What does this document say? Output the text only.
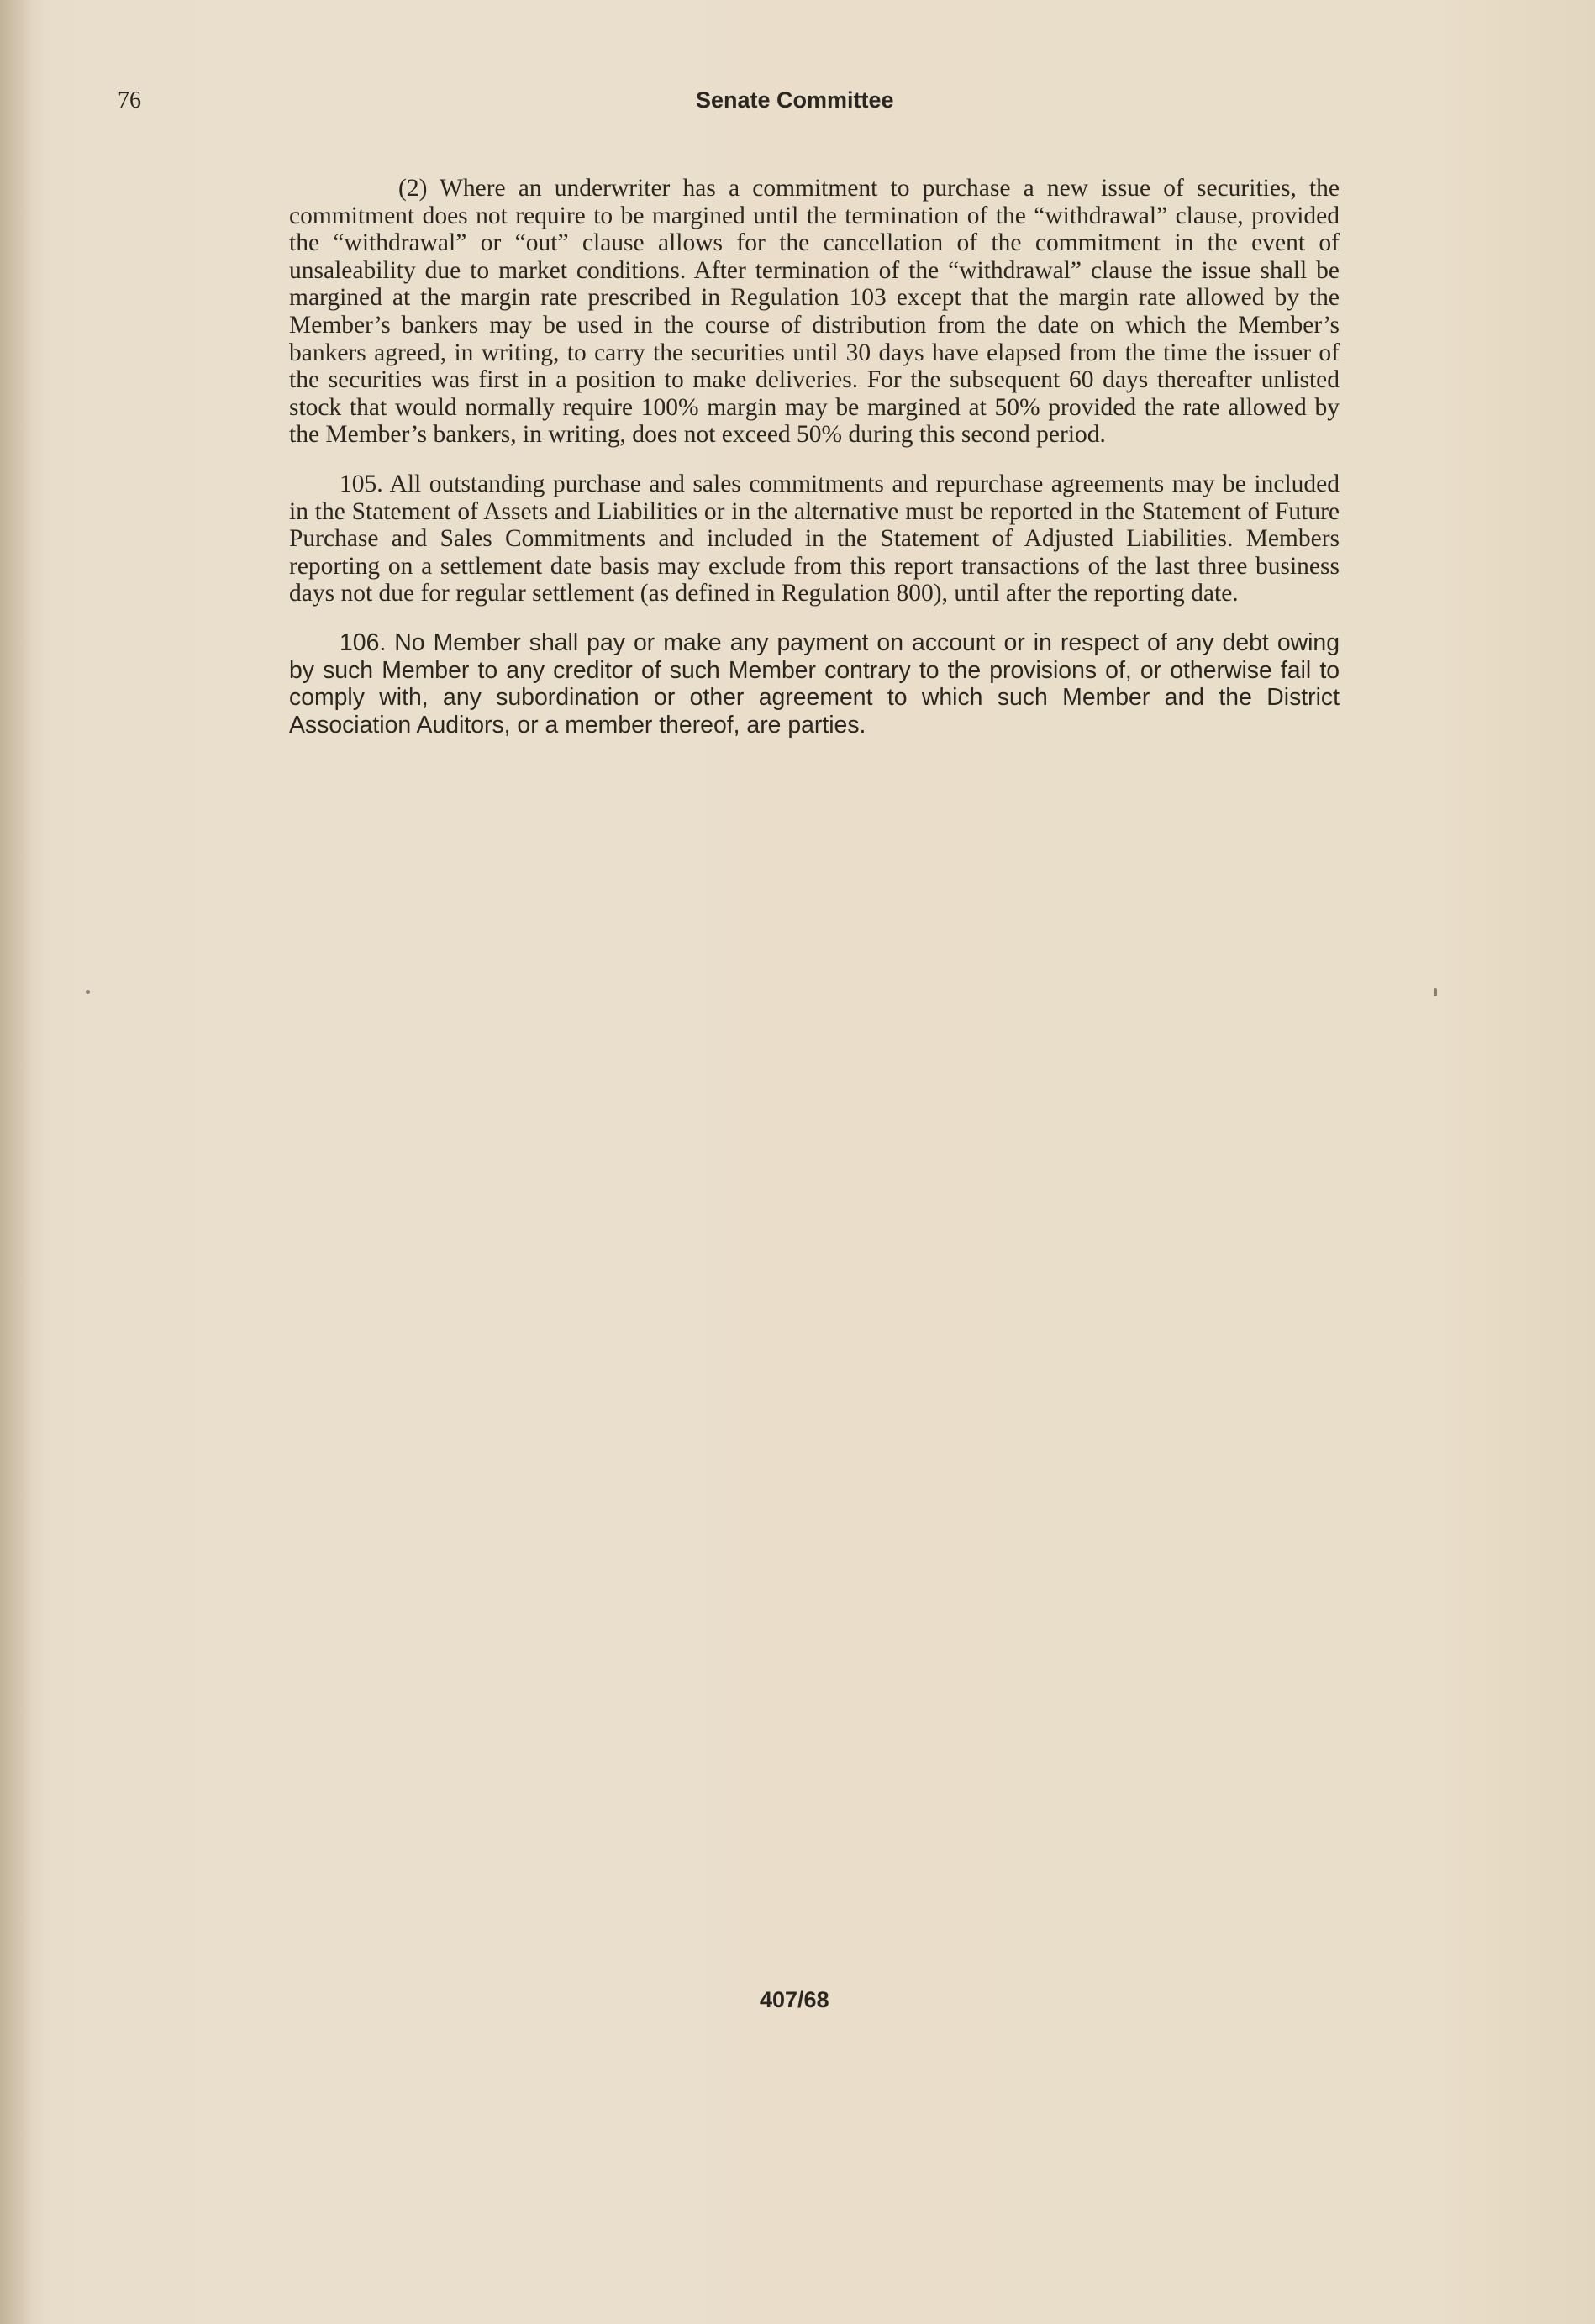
76	Senate Committee

(2) Where an underwriter has a commitment to purchase a new issue of securities, the commitment does not require to be margined until the termination of the “withdrawal” clause, provided the “withdrawal” or “out” clause allows for the cancellation of the commitment in the event of unsaleability due to market conditions. After termination of the “withdrawal” clause the issue shall be margined at the margin rate prescribed in Regulation 103 except that the margin rate allowed by the Member’s bankers may be used in the course of distribution from the date on which the Member’s bankers agreed, in writing, to carry the securities until 30 days have elapsed from the time the issuer of the securities was first in a position to make deliveries. For the subsequent 60 days thereafter unlisted stock that would normally require 100% margin may be margined at 50% provided the rate allowed by the Member’s bankers, in writing, does not exceed 50% during this second period.

105. All outstanding purchase and sales commitments and repurchase agreements may be included in the Statement of Assets and Liabilities or in the alternative must be reported in the Statement of Future Purchase and Sales Commitments and included in the Statement of Adjusted Liabilities. Members reporting on a settlement date basis may exclude from this report transactions of the last three business days not due for regular settlement (as defined in Regulation 800), until after the reporting date.

106. No Member shall pay or make any payment on account or in respect of any debt owing by such Member to any creditor of such Member contrary to the provisions of, or otherwise fail to comply with, any subordination or other agreement to which such Member and the District Association Auditors, or a member thereof, are parties.

407/68
